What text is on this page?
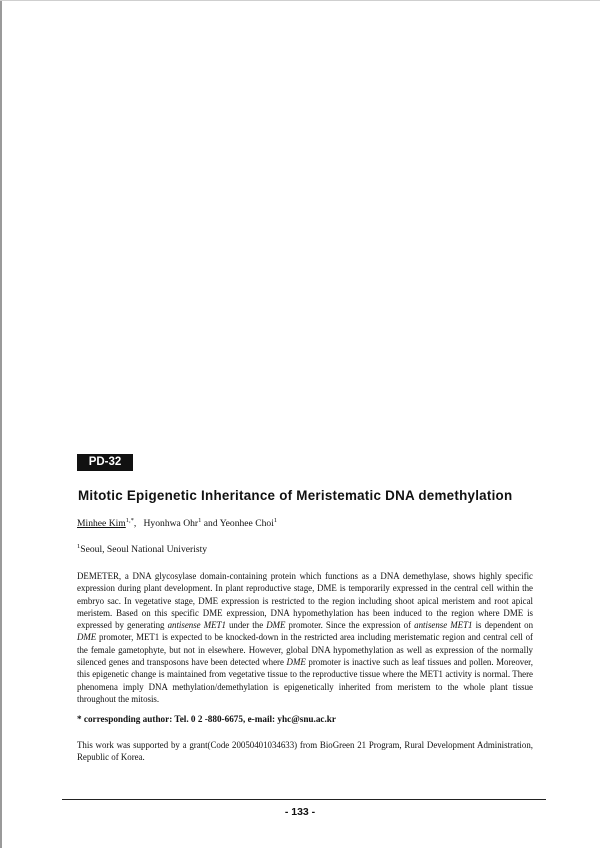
PD-32
Mitotic Epigenetic Inheritance of Meristematic DNA demethylation

Minhee Kim$^{1,*}$, Hyonhwa Ohr$^1$ and Yeonhee Choi$^1$

$^1$Seoul, Seoul National Univeristy

DEMETER, a DNA glycosylase domain-containing protein which functions as a DNA demethylase, shows highly specific expression during plant development. In plant reproductive stage, DME is temporarily expressed in the central cell within the embryo sac. In vegetative stage, DME expression is restricted to the region including shoot apical meristem and root apical meristem. Based on this specific DME expression, DNA hypomethylation has been induced to the region where DME is expressed by generating antisense MET1 under the DME promoter. Since the expression of antisense MET1 is dependent on DME promoter, MET1 is expected to be knocked-down in the restricted area including meristematic region and central cell of the female gametophyte, but not in elsewhere. However, global DNA hypomethylation as well as expression of the normally silenced genes and transposons have been detected where DME promoter is inactive such as leaf tissues and pollen. Moreover, this epigenetic change is maintained from vegetative tissue to the reproductive tissue where the MET1 activity is normal. There phenomena imply DNA methylation/demethylation is epigenetically inherited from meristem to the whole plant tissue throughout the mitosis.

* corresponding author: Tel. 0 2 -880-6675, e-mail: yhc@snu.ac.kr

This work was supported by a grant(Code 20050401034633) from BioGreen 21 Program, Rural Development Administration, Republic of Korea.

- 133 -
